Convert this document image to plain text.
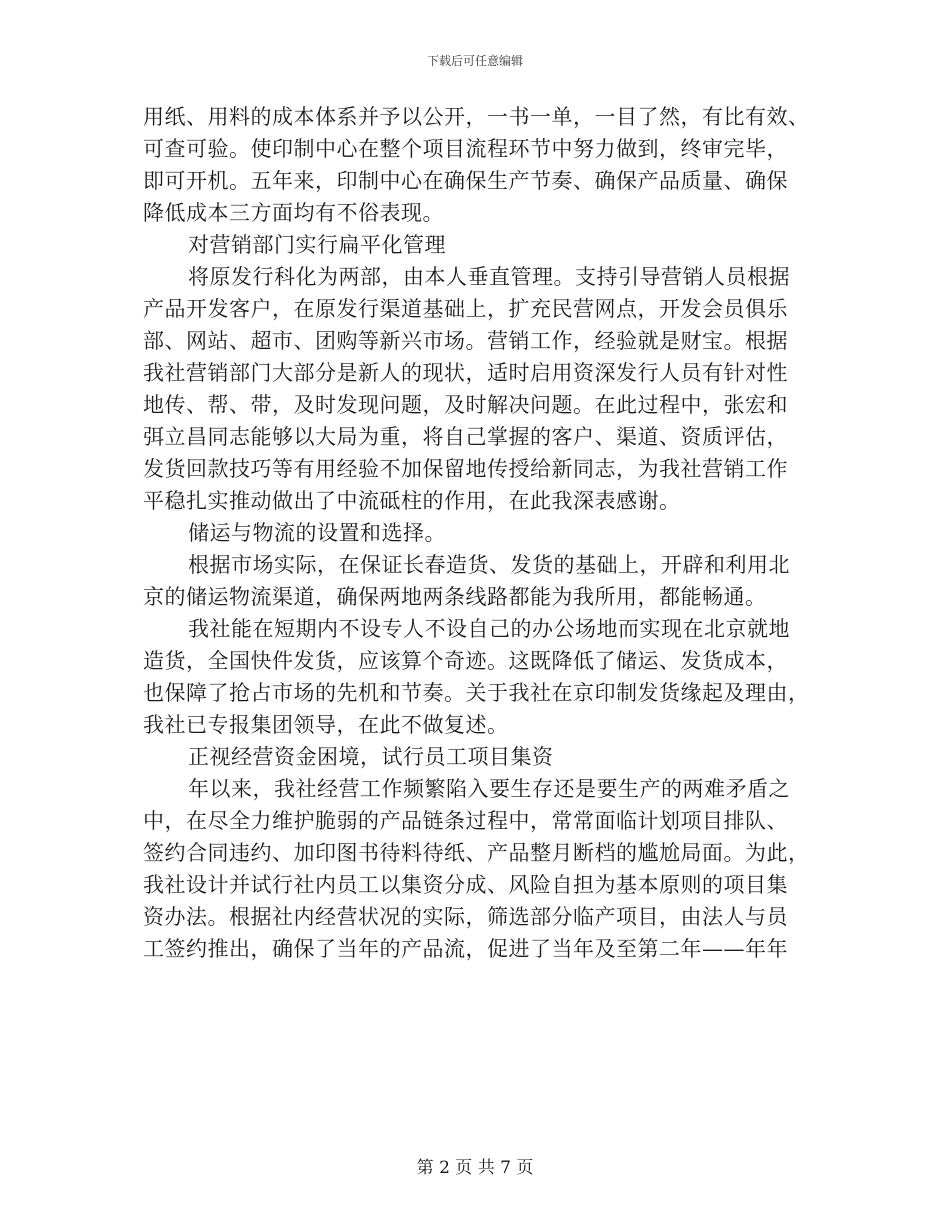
下载后可任意编辑
用纸、用料的成本体系并予以公开，一书一单，一目了然，有比有效、
可查可验。使印制中心在整个项目流程环节中努力做到，终审完毕，
即可开机。五年来，印制中心在确保生产节奏、确保产品质量、确保
降低成本三方面均有不俗表现。
对营销部门实行扁平化管理
将原发行科化为两部，由本人垂直管理。支持引导营销人员根据
产品开发客户，在原发行渠道基础上，扩充民营网点，开发会员俱乐
部、网站、超市、团购等新兴市场。营销工作，经验就是财宝。根据
我社营销部门大部分是新人的现状，适时启用资深发行人员有针对性
地传、帮、带，及时发现问题，及时解决问题。在此过程中，张宏和
弭立昌同志能够以大局为重，将自己掌握的客户、渠道、资质评估，
发货回款技巧等有用经验不加保留地传授给新同志，为我社营销工作
平稳扎实推动做出了中流砥柱的作用，在此我深表感谢。
储运与物流的设置和选择。
根据市场实际，在保证长春造货、发货的基础上，开辟和利用北
京的储运物流渠道，确保两地两条线路都能为我所用，都能畅通。
我社能在短期内不设专人不设自己的办公场地而实现在北京就地
造货，全国快件发货，应该算个奇迹。这既降低了储运、发货成本，
也保障了抢占市场的先机和节奏。关于我社在京印制发货缘起及理由，
我社已专报集团领导，在此不做复述。
正视经营资金困境，试行员工项目集资
年以来，我社经营工作频繁陷入要生存还是要生产的两难矛盾之
中，在尽全力维护脆弱的产品链条过程中，常常面临计划项目排队、
签约合同违约、加印图书待料待纸、产品整月断档的尴尬局面。为此，
我社设计并试行社内员工以集资分成、风险自担为基本原则的项目集
资办法。根据社内经营状况的实际，筛选部分临产项目，由法人与员
工签约推出，确保了当年的产品流，促进了当年及至第二年——年年
第 2 页 共 7 页
